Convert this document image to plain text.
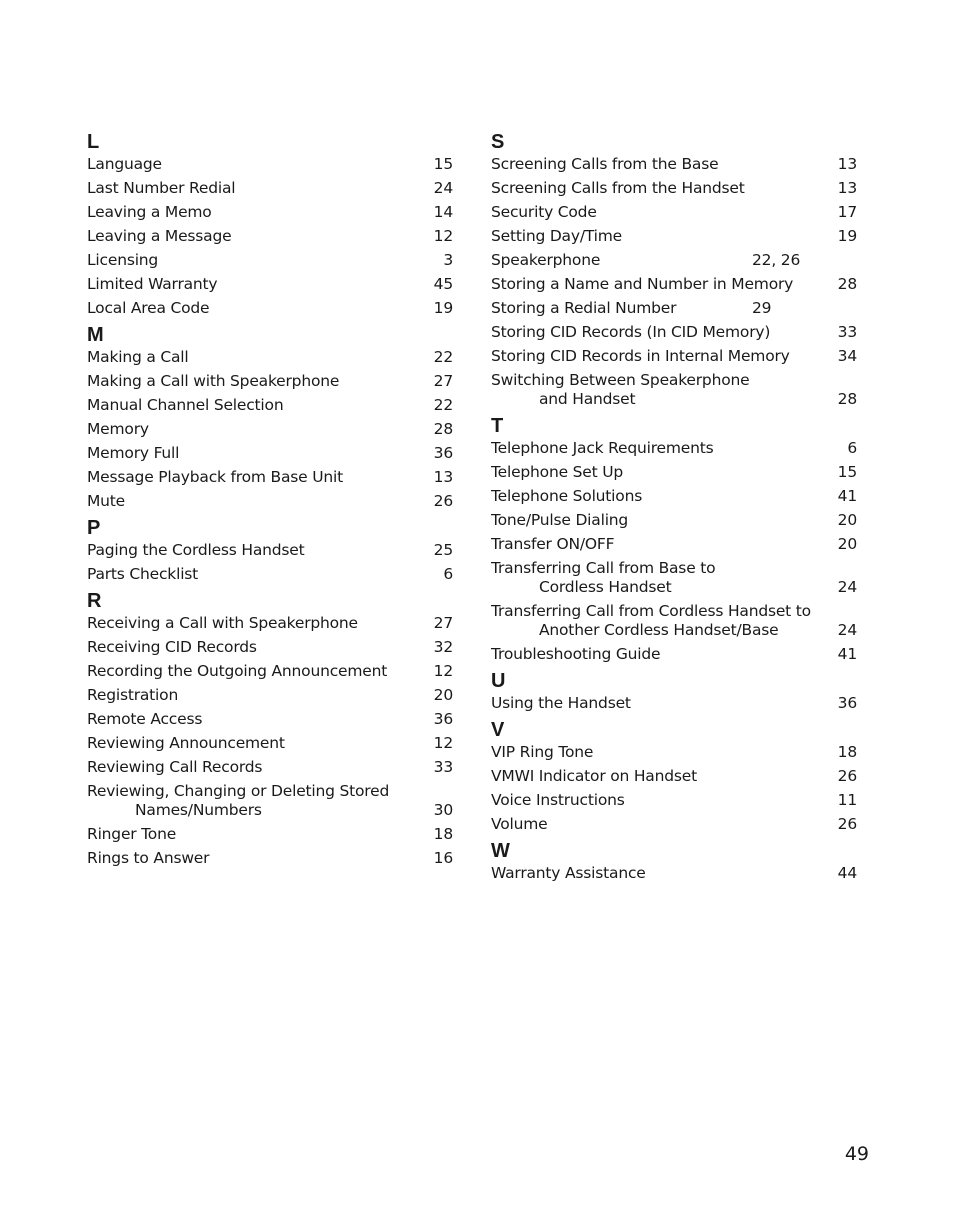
L
Language	15
Last Number Redial	24
Leaving a Memo	14
Leaving a Message	12
Licensing	3
Limited Warranty	45
Local Area Code	19
M
Making a Call	22
Making a Call with Speakerphone	27
Manual Channel Selection	22
Memory	28
Memory Full	36
Message Playback from Base Unit	13
Mute	26
P
Paging the Cordless Handset	25
Parts Checklist	6
R
Receiving a Call with Speakerphone	27
Receiving CID Records	32
Recording the Outgoing Announcement	12
Registration	20
Remote Access	36
Reviewing Announcement	12
Reviewing Call Records	33
Reviewing, Changing or Deleting Stored
Names/Numbers	30
Ringer Tone	18
Rings to Answer	16
S
Screening Calls from the Base	13
Screening Calls from the Handset	13
Security Code	17
Setting Day/Time	19
Speakerphone	22, 26
Storing a Name and Number in Memory	28
Storing a Redial Number	29
Storing CID Records (In CID Memory)	33
Storing CID Records in Internal Memory	34
Switching Between Speakerphone
and Handset	28
T
Telephone Jack Requirements	6
Telephone Set Up	15
Telephone Solutions	41
Tone/Pulse Dialing	20
Transfer ON/OFF	20
Transferring Call from Base to
Cordless Handset	24
Transferring Call from Cordless Handset to
Another Cordless Handset/Base	24
Troubleshooting Guide	41
U
Using the Handset	36
V
VIP Ring Tone	18
VMWI Indicator on Handset	26
Voice Instructions	11
Volume	26
W
Warranty Assistance	44
49
